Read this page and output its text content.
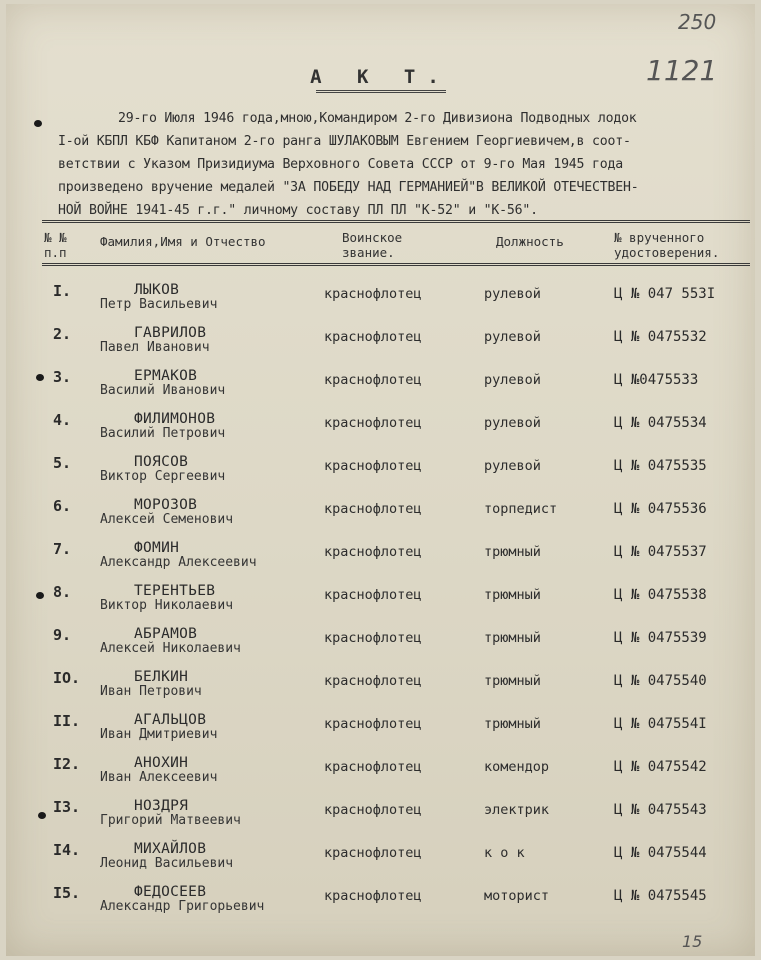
250
1121
А К Т.

29-го Июля 1946 года,мною,Командиром 2-го Дивизиона Подводных лодок

I-ой КБПЛ КБФ Капитаном 2-го ранга ШУЛАКОВЫМ Евгением Георгиевичем,в соот-

ветствии с Указом Призидиума Верховного Совета СССР от 9-го Мая 1945 года

произведено вручение медалей "ЗА ПОБЕДУ НАД ГЕРМАНИЕЙ"В ВЕЛИКОЙ ОТЕЧЕСТВЕН-

НОЙ ВОЙНЕ 1941-45 г.г." личному составу ПЛ ПЛ "К-52" и "К-56".

№ №
п.п
Фамилия,Имя и Отчество	Воинское
звание.
Должность	№ врученного
удостоверения.
I.	ЛЫКОВ
Петр Васильевич
краснофлотец	рулевой	Ц № 047 553I
2.	ГАВРИЛОВ
Павел Иванович
краснофлотец	рулевой	Ц № 0475532
3.	ЕРМАКОВ
Василий Иванович
краснофлотец	рулевой	Ц №0475533
4.	ФИЛИМОНОВ
Василий Петрович
краснофлотец	рулевой	Ц № 0475534
5.	ПОЯСОВ
Виктор Сергеевич
краснофлотец	рулевой	Ц № 0475535
6.	МОРОЗОВ
Алексей Семенович
краснофлотец	торпедист	Ц № 0475536
7.	ФОМИН
Александр Алексеевич
краснофлотец	трюмный	Ц № 0475537
8.	ТЕРЕНТЬЕВ
Виктор Николаевич
краснофлотец	трюмный	Ц № 0475538
9.	АБРАМОВ
Алексей Николаевич
краснофлотец	трюмный	Ц № 0475539
IO.	БЕЛКИН
Иван Петрович
краснофлотец	трюмный	Ц № 0475540
II.	АГАЛЬЦОВ
Иван Дмитриевич
краснофлотец	трюмный	Ц № 047554I
I2.	АНОХИН
Иван Алексеевич
краснофлотец	комендор	Ц № 0475542
I3.	НОЗДРЯ
Григорий Матвеевич
краснофлотец	электрик	Ц № 0475543
I4.	МИХАЙЛОВ
Леонид Васильевич
краснофлотец	к о к	Ц № 0475544
I5.	ФЕДОСЕЕВ
Александр Григорьевич
краснофлотец	моторист	Ц № 0475545
15
